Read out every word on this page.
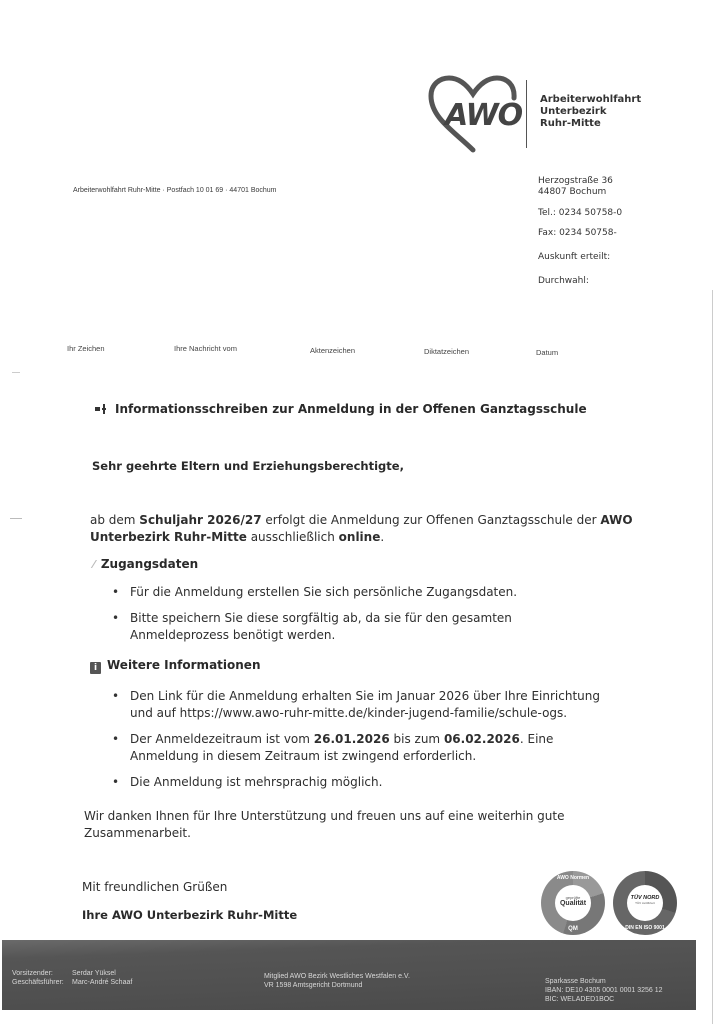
AWO Arbeiterwohlfahrt
Unterbezirk
Ruhr-Mitte
Arbeiterwohlfahrt Ruhr-Mitte · Postfach 10 01 69 · 44701 Bochum
Herzogstraße 36
44807 Bochum
Tel.: 0234 50758-0
Fax: 0234 50758-
Auskunft erteilt:
Durchwahl:
Ihr Zeichen	Ihre Nachricht vom	Aktenzeichen	Diktatzeichen	Datum
Informationsschreiben zur Anmeldung in der Offenen Ganztagsschule
Sehr geehrte Eltern und Erziehungsberechtigte,
ab dem Schuljahr 2026/27 erfolgt die Anmeldung zur Offenen Ganztagsschule der AWO Unterbezirk Ruhr-Mitte ausschließlich online.
⁄ Zugangsdaten
• Für die Anmeldung erstellen Sie sich persönliche Zugangsdaten.
• Bitte speichern Sie diese sorgfältig ab, da sie für den gesamten Anmeldeprozess benötigt werden.
i Weitere Informationen
• Den Link für die Anmeldung erhalten Sie im Januar 2026 über Ihre Einrichtung und auf https://www.awo-ruhr-mitte.de/kinder-jugend-familie/schule-ogs.
• Der Anmeldezeitraum ist vom 26.01.2026 bis zum 06.02.2026. Eine Anmeldung in diesem Zeitraum ist zwingend erforderlich.
• Die Anmeldung ist mehrsprachig möglich.
Wir danken Ihnen für Ihre Unterstützung und freuen uns auf eine weiterhin gute Zusammenarbeit.
Mit freundlichen Grüßen
Ihre AWO Unterbezirk Ruhr-Mitte
AWO Normen
geprüfte
Qualität
QM
TÜV NORD
TÜV zertifiziert
DIN EN ISO 9001
Vorsitzender:	Serdar Yüksel
Geschäftsführer: Marc-André Schaaf
Mitglied AWO Bezirk Westliches Westfalen e.V.
VR 1598 Amtsgericht Dortmund
Sparkasse Bochum
IBAN: DE10 4305 0001 0001 3256 12
BIC: WELADED1BOC
